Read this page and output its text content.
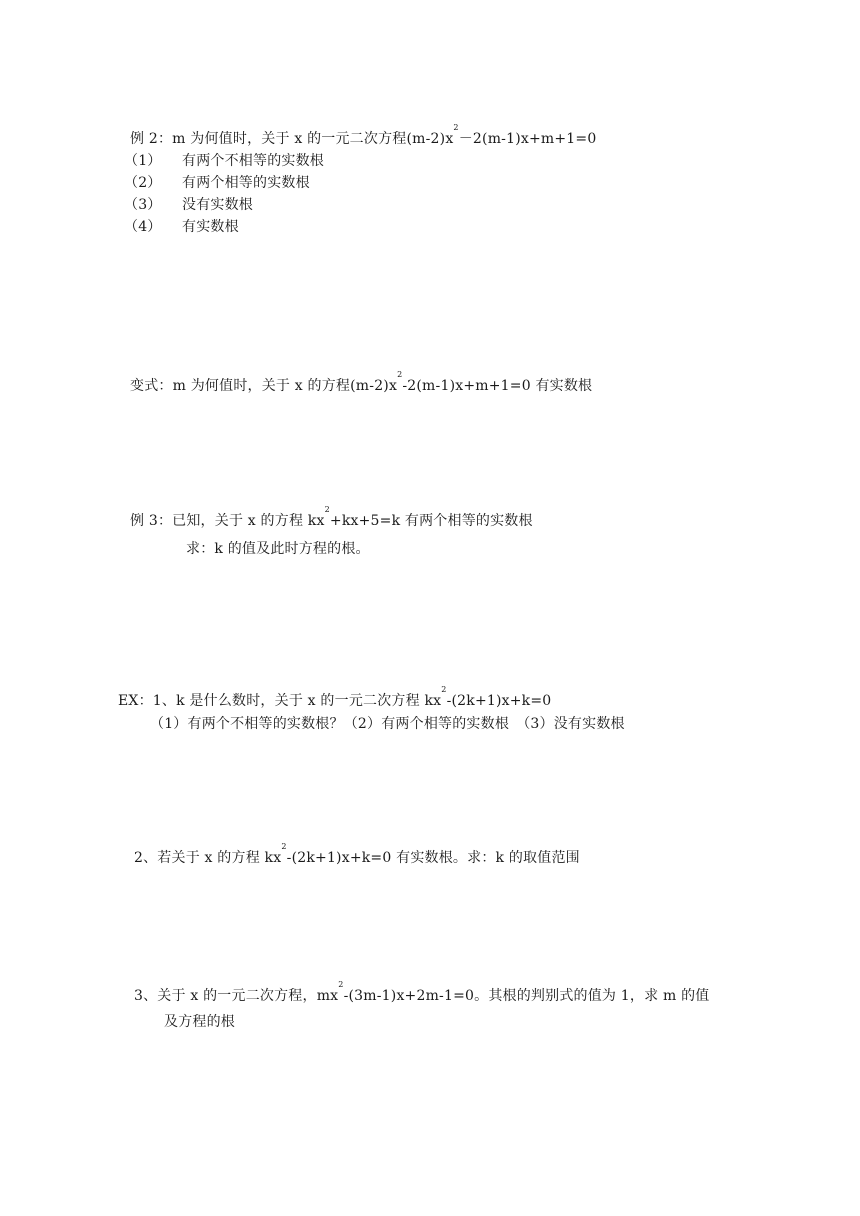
例 2：m 为何值时，关于 x 的一元二次方程$(m-2)x^2-2(m-1)x+m+1=0$
（1） 有两个不相等的实数根
（2） 有两个相等的实数根
（3） 没有实数根
（4） 有实数根
变式：m 为何值时，关于 x 的方程$(m-2)x^2-2(m-1)x+m+1=0$ 有实数根
例 3：已知，关于 x 的方程 $kx^2+kx+5=k$ 有两个相等的实数根
求：k 的值及此时方程的根。
EX：1、k 是什么数时，关于 x 的一元二次方程 $kx^2-(2k+1)x+k=0$
（1）有两个不相等的实数根？（2）有两个相等的实数根　（3）没有实数根
2、若关于 x 的方程 $kx^2-(2k+1)x+k=0$ 有实数根。求：k 的取值范围
3、关于 x 的一元二次方程，$mx^2-(3m-1)x+2m-1=0$。其根的判别式的值为 1，求 m 的值
及方程的根
